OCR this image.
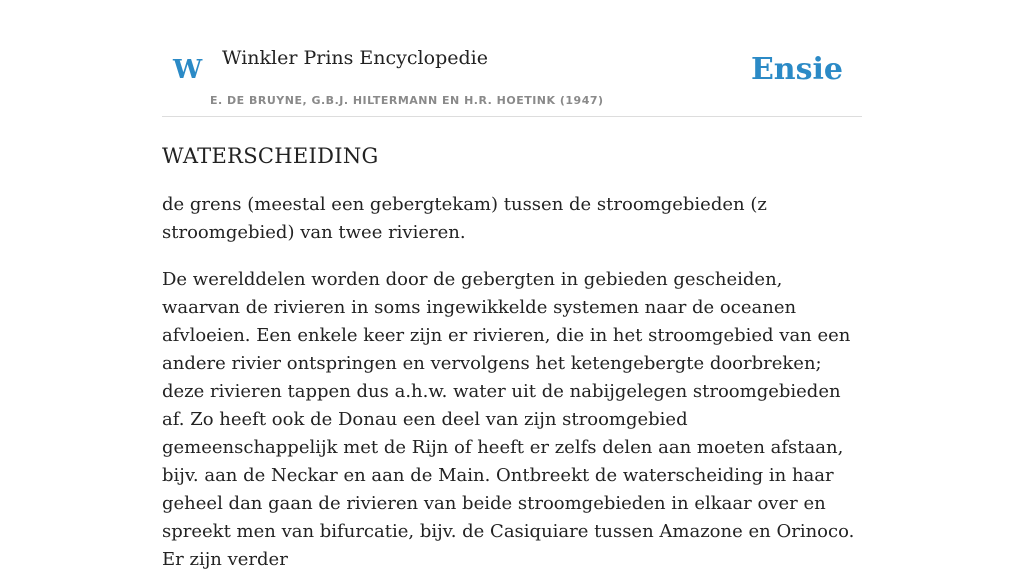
W Winkler Prins Encyclopedie
E. DE BRUYNE, G.B.J. HILTERMANN EN H.R. HOETINK (1947)
Ensie
WATERSCHEIDING

de grens (meestal een gebergtekam) tussen de stroomgebieden (z stroomgebied) van twee rivieren.

De werelddelen worden door de gebergten in gebieden gescheiden, waarvan de rivieren in soms ingewikkelde systemen naar de oceanen afvloeien. Een enkele keer zijn er rivieren, die in het stroomgebied van een andere rivier ontspringen en vervolgens het ketengebergte doorbreken; deze rivieren tappen dus a.h.w. water uit de nabijgelegen stroomgebieden af. Zo heeft ook de Donau een deel van zijn stroomgebied gemeenschappelijk met de Rijn of heeft er zelfs delen aan moeten afstaan, bijv. aan de Neckar en aan de Main. Ontbreekt de waterscheiding in haar geheel dan gaan de rivieren van beide stroomgebieden in elkaar over en spreekt men van bifurcatie, bijv. de Casiquiare tussen Amazone en Orinoco. Er zijn verder
